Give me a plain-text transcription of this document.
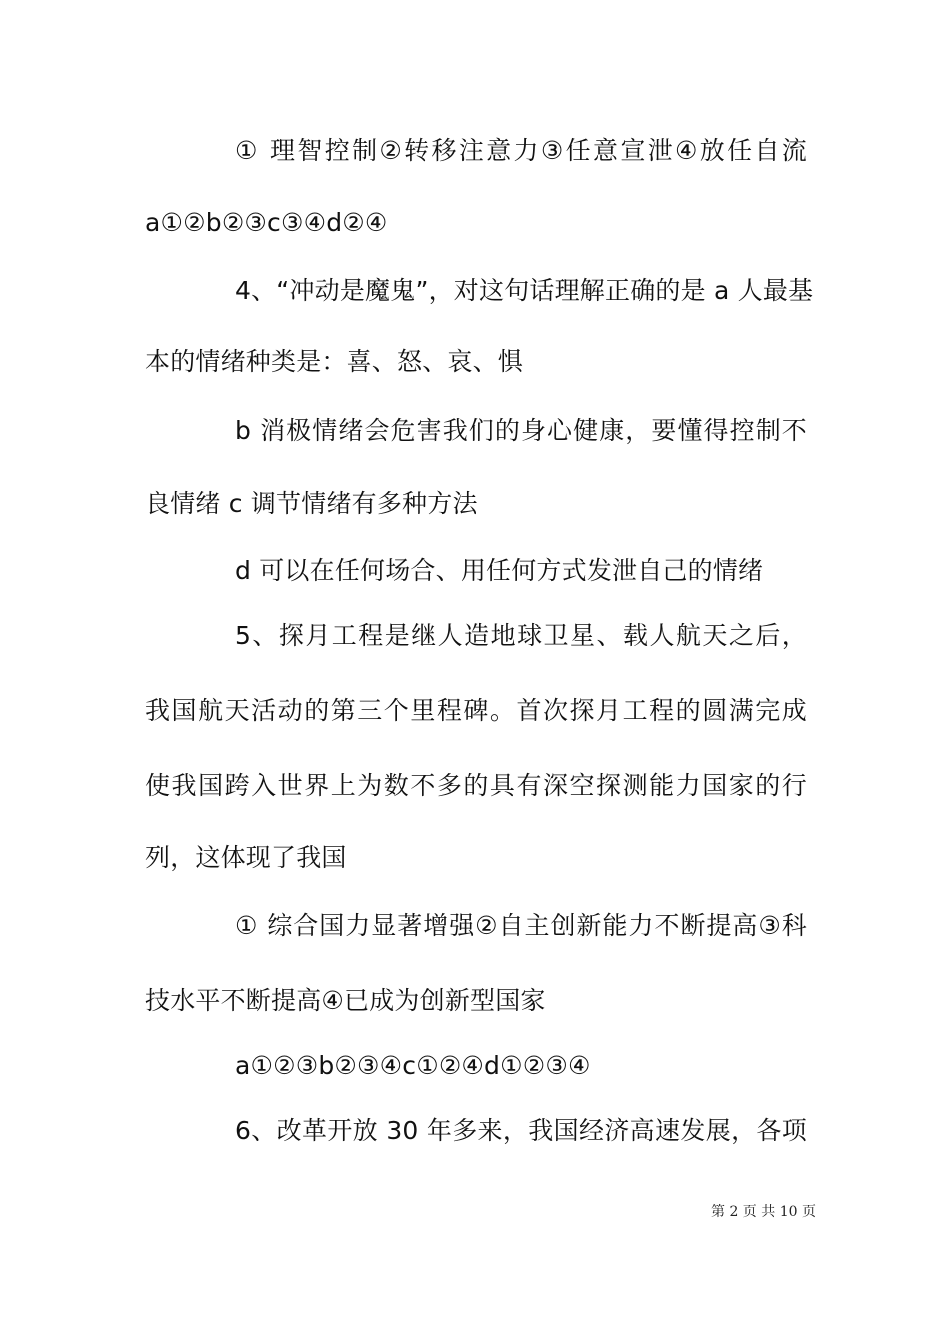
① 理智控制②转移注意力③任意宣泄④放任自流
a①②b②③c③④d②④
4、“冲动是魔鬼”，对这句话理解正确的是 a 人最基
本的情绪种类是：喜、怒、哀、惧
b 消极情绪会危害我们的身心健康，要懂得控制不
良情绪 c 调节情绪有多种方法
d 可以在任何场合、用任何方式发泄自己的情绪
5、探月工程是继人造地球卫星、载人航天之后，
我国航天活动的第三个里程碑。首次探月工程的圆满完成
使我国跨入世界上为数不多的具有深空探测能力国家的行
列，这体现了我国
① 综合国力显著增强②自主创新能力不断提高③科
技水平不断提高④已成为创新型国家
a①②③b②③④c①②④d①②③④
6、改革开放 30 年多来，我国经济高速发展，各项
第 2 页 共 10 页
